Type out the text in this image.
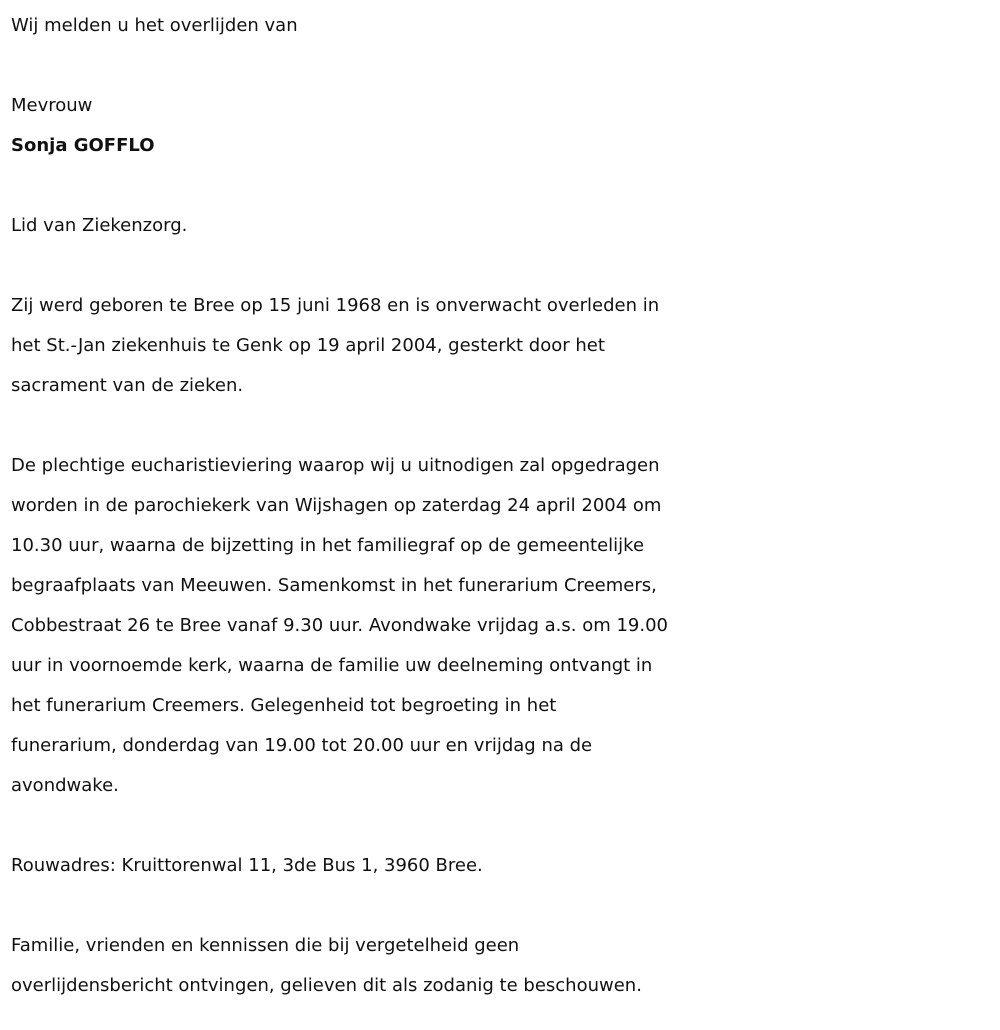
Wij melden u het overlijden van

Mevrouw

Sonja GOFFLO

Lid van Ziekenzorg.

Zij werd geboren te Bree op 15 juni 1968 en is onverwacht overleden in

het St.-Jan ziekenhuis te Genk op 19 april 2004, gesterkt door het

sacrament van de zieken.

De plechtige eucharistieviering waarop wij u uitnodigen zal opgedragen

worden in de parochiekerk van Wijshagen op zaterdag 24 april 2004 om

10.30 uur, waarna de bijzetting in het familiegraf op de gemeentelijke

begraafplaats van Meeuwen. Samenkomst in het funerarium Creemers,

Cobbestraat 26 te Bree vanaf 9.30 uur. Avondwake vrijdag a.s. om 19.00

uur in voornoemde kerk, waarna de familie uw deelneming ontvangt in

het funerarium Creemers. Gelegenheid tot begroeting in het

funerarium, donderdag van 19.00 tot 20.00 uur en vrijdag na de

avondwake.

Rouwadres: Kruittorenwal 11, 3de Bus 1, 3960 Bree.

Familie, vrienden en kennissen die bij vergetelheid geen

overlijdensbericht ontvingen, gelieven dit als zodanig te beschouwen.
